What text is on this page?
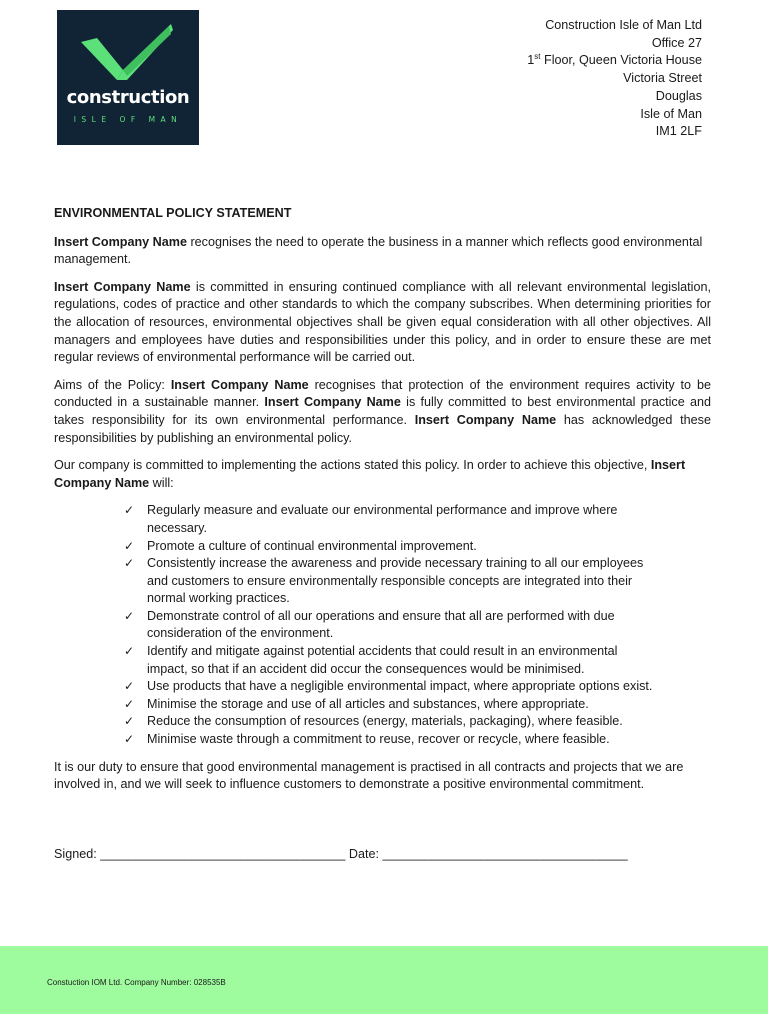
construction
ISLE OF MAN
Construction Isle of Man Ltd
Office 27
1st Floor, Queen Victoria House
Victoria Street
Douglas
Isle of Man
IM1 2LF
ENVIRONMENTAL POLICY STATEMENT

Insert Company Name recognises the need to operate the business in a manner which reflects good environmental management.

Insert Company Name is committed in ensuring continued compliance with all relevant environmental legislation, regulations, codes of practice and other standards to which the company subscribes. When determining priorities for the allocation of resources, environmental objectives shall be given equal consideration with all other objectives. All managers and employees have duties and responsibilities under this policy, and in order to ensure these are met regular reviews of environmental performance will be carried out.

Aims of the Policy: Insert Company Name recognises that protection of the environment requires activity to be conducted in a sustainable manner. Insert Company Name is fully committed to best environmental practice and takes responsibility for its own environmental performance. Insert Company Name has acknowledged these responsibilities by publishing an environmental policy.

Our company is committed to implementing the actions stated this policy. In order to achieve this objective, Insert Company Name will:

✓ Regularly measure and evaluate our environmental performance and improve where necessary.
✓ Promote a culture of continual environmental improvement.
✓ Consistently increase the awareness and provide necessary training to all our employees and customers to ensure environmentally responsible concepts are integrated into their normal working practices.
✓ Demonstrate control of all our operations and ensure that all are performed with due consideration of the environment.
✓ Identify and mitigate against potential accidents that could result in an environmental impact, so that if an accident did occur the consequences would be minimised.
✓ Use products that have a negligible environmental impact, where appropriate options exist.
✓ Minimise the storage and use of all articles and substances, where appropriate.
✓ Reduce the consumption of resources (energy, materials, packaging), where feasible.
✓ Minimise waste through a commitment to reuse, recover or recycle, where feasible.

It is our duty to ensure that good environmental management is practised in all contracts and projects that we are involved in, and we will seek to influence customers to demonstrate a positive environmental commitment.

Signed: ___________________________________ Date: ___________________________________
Constuction IOM Ltd. Company Number: 028535B
